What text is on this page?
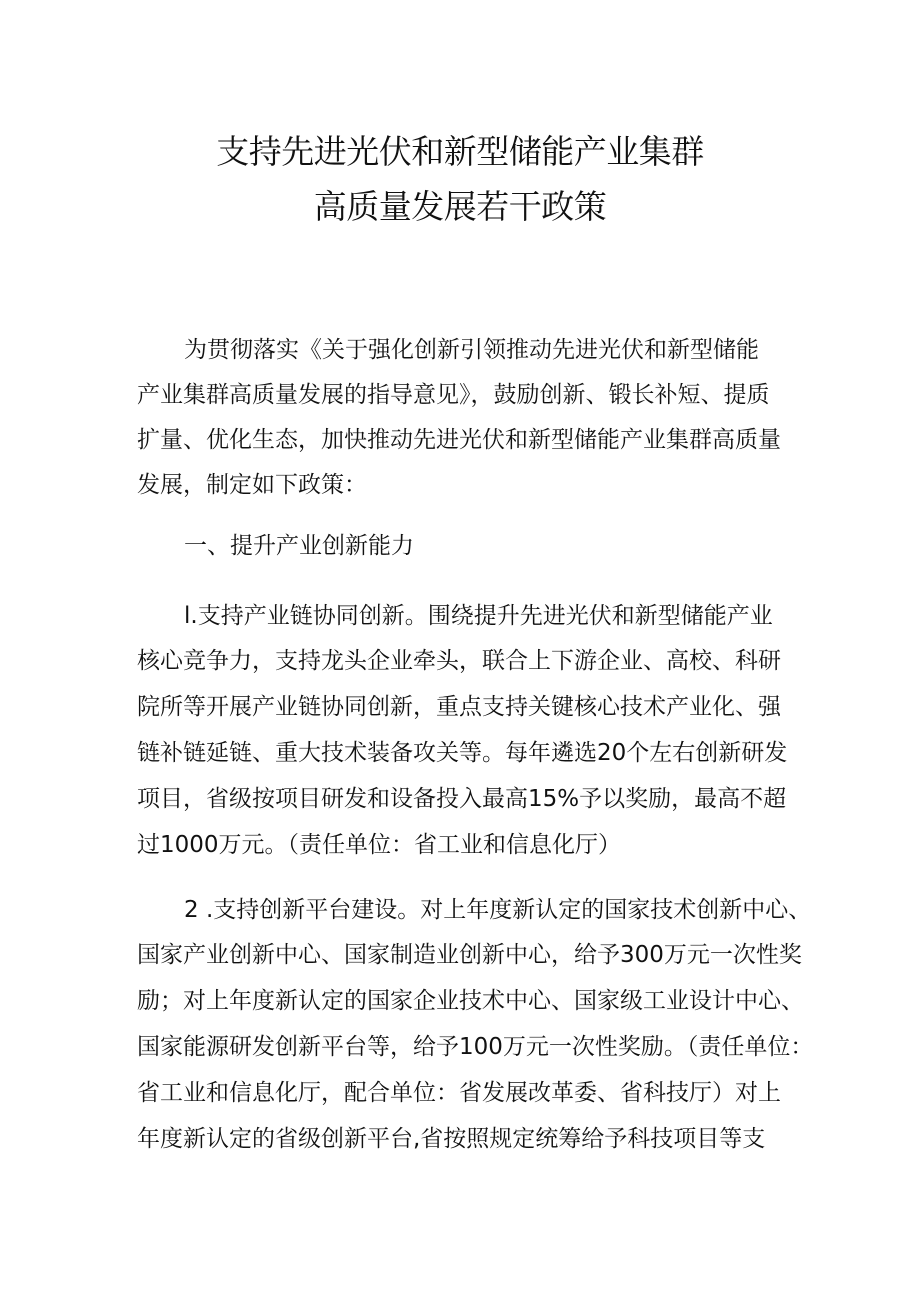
支持先进光伏和新型储能产业集群
高质量发展若干政策
为贯彻落实《关于强化创新引领推动先进光伏和新型储能
产业集群高质量发展的指导意见》，鼓励创新、锻长补短、提质
扩量、优化生态，加快推动先进光伏和新型储能产业集群高质量
发展，制定如下政策：
一、提升产业创新能力
l.支持产业链协同创新。围绕提升先进光伏和新型储能产业
核心竞争力，支持龙头企业牵头，联合上下游企业、高校、科研
院所等开展产业链协同创新，重点支持关键核心技术产业化、强
链补链延链、重大技术装备攻关等。每年遴选20个左右创新研发
项目，省级按项目研发和设备投入最高15%予以奖励，最高不超
过1000万元。（责任单位：省工业和信息化厅）
2 .支持创新平台建设。对上年度新认定的国家技术创新中心、
国家产业创新中心、国家制造业创新中心，给予300万元一次性奖
励；对上年度新认定的国家企业技术中心、国家级工业设计中心、
国家能源研发创新平台等，给予100万元一次性奖励。（责任单位：
省工业和信息化厅，配合单位：省发展改革委、省科技厅）对上
年度新认定的省级创新平台,省按照规定统筹给予科技项目等支
